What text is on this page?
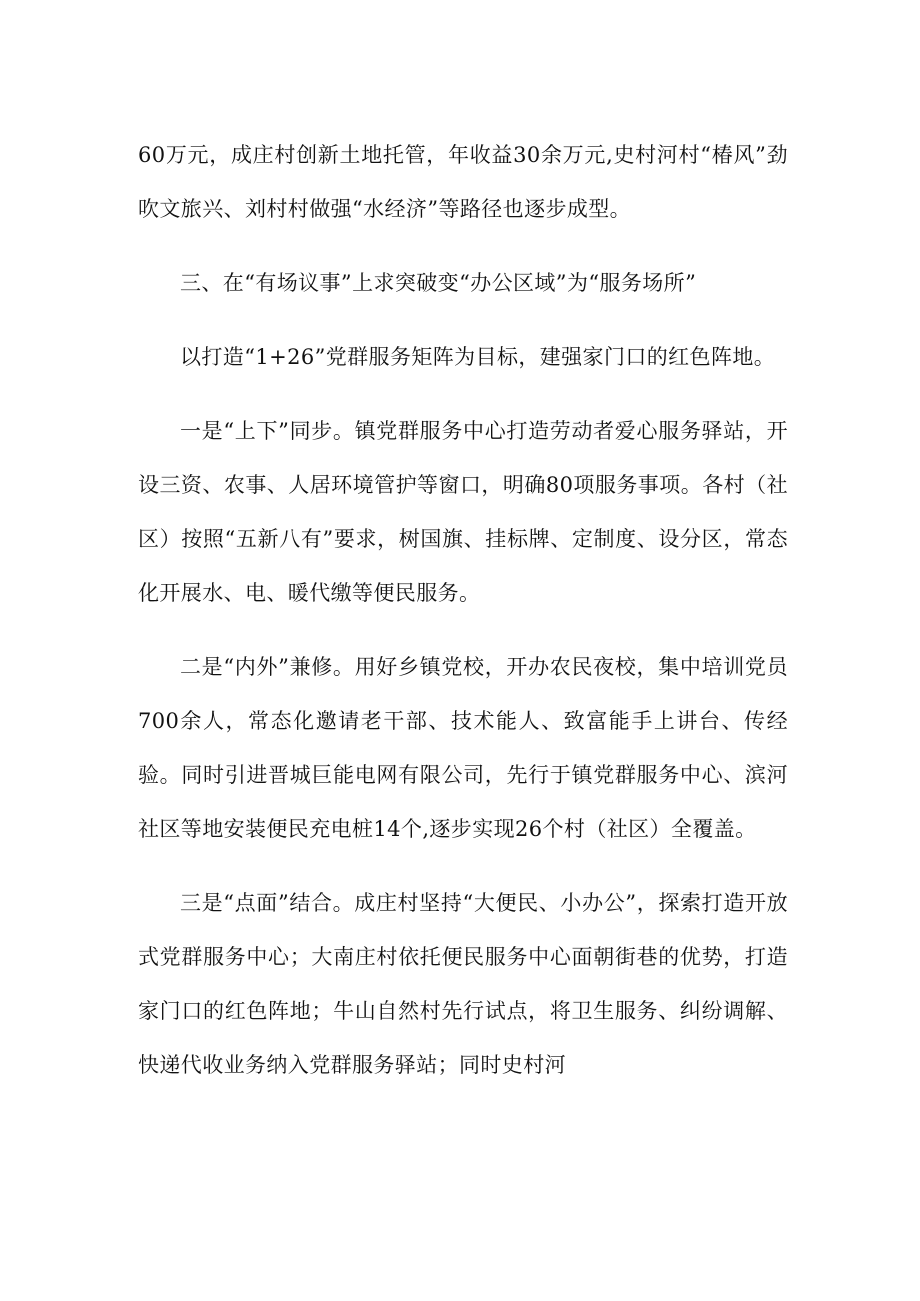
60万元，成庄村创新土地托管，年收益30余万元,史村河村“椿风”劲吹文旅兴、刘村村做强“水经济”等路径也逐步成型。

三、在“有场议事”上求突破变“办公区域”为“服务场所”

以打造“1+26”党群服务矩阵为目标，建强家门口的红色阵地。

一是“上下”同步。镇党群服务中心打造劳动者爱心服务驿站，开设三资、农事、人居环境管护等窗口，明确80项服务事项。各村（社区）按照“五新八有”要求，树国旗、挂标牌、定制度、设分区，常态化开展水、电、暖代缴等便民服务。

二是“内外”兼修。用好乡镇党校，开办农民夜校，集中培训党员700余人，常态化邀请老干部、技术能人、致富能手上讲台、传经验。同时引进晋城巨能电网有限公司，先行于镇党群服务中心、滨河社区等地安装便民充电桩14个,逐步实现26个村（社区）全覆盖。

三是“点面”结合。成庄村坚持“大便民、小办公”，探索打造开放式党群服务中心；大南庄村依托便民服务中心面朝街巷的优势，打造家门口的红色阵地；牛山自然村先行试点，将卫生服务、纠纷调解、快递代收业务纳入党群服务驿站；同时史村河
